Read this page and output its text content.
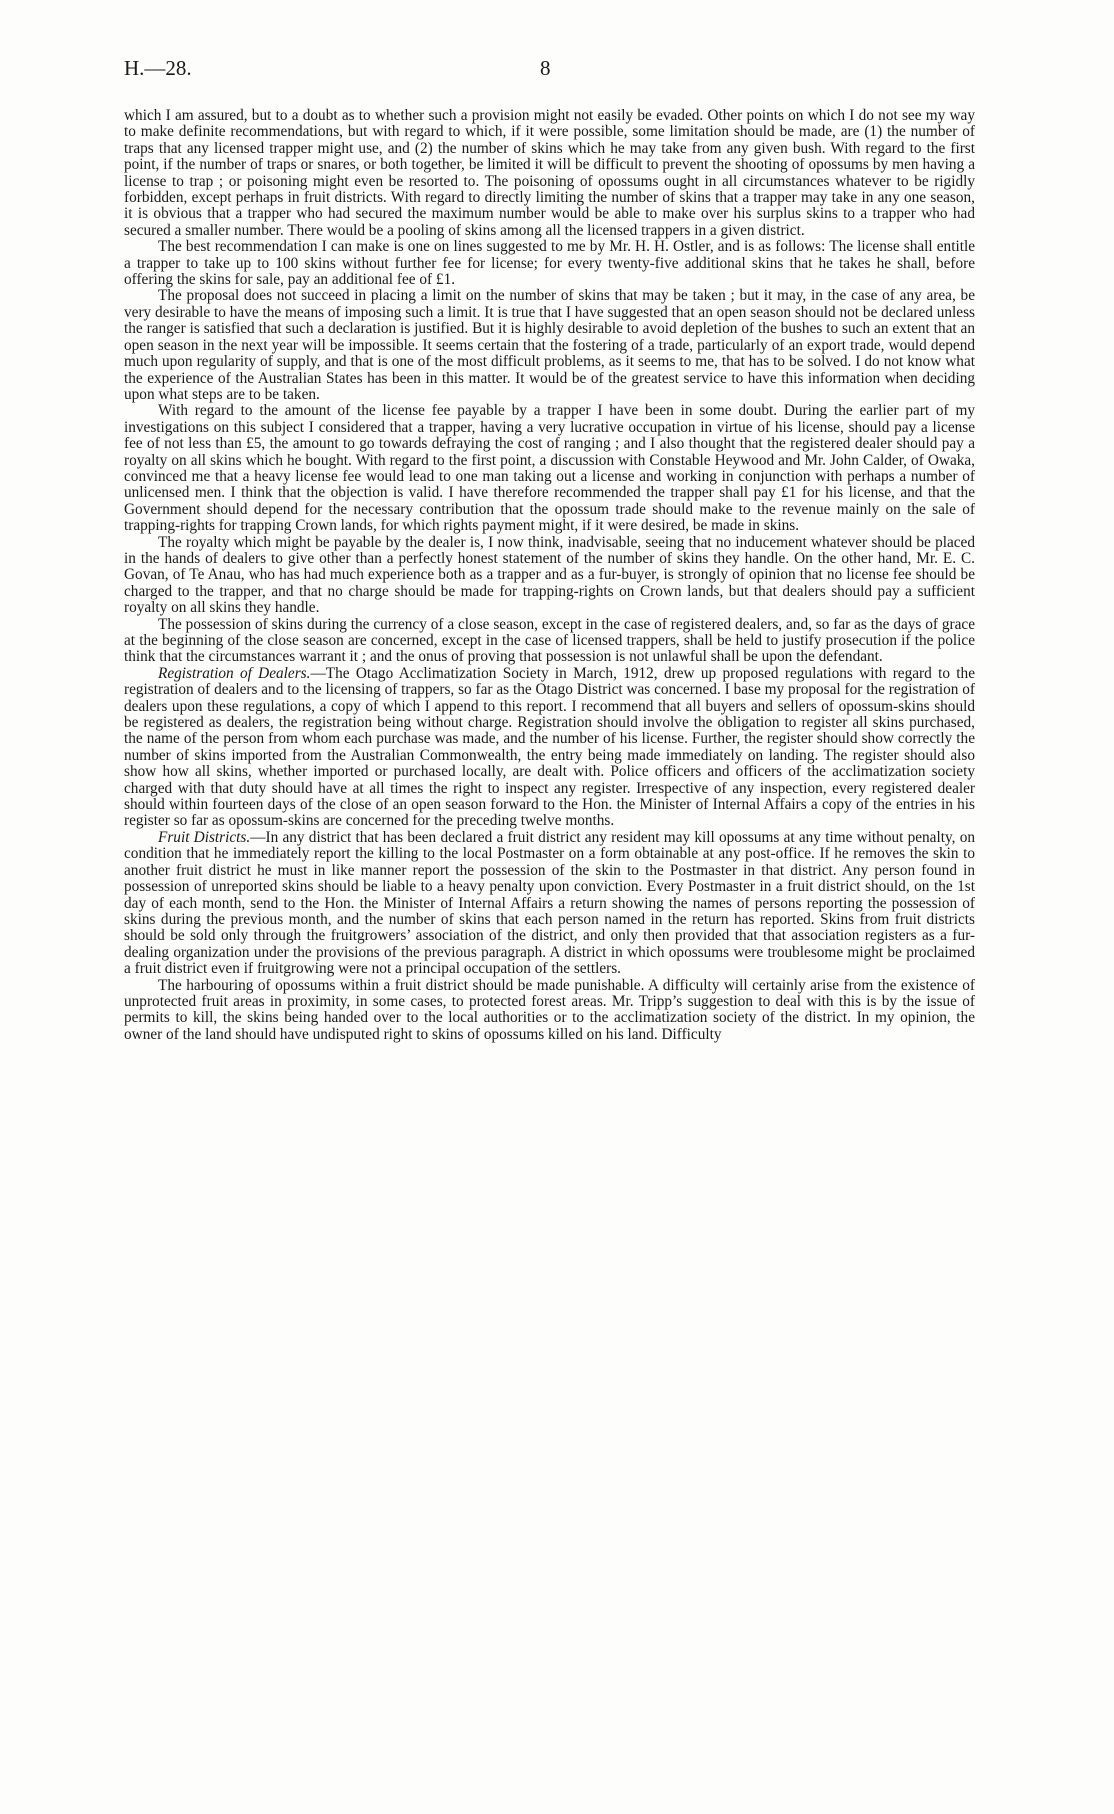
H.—28.	8

which I am assured, but to a doubt as to whether such a provision might not easily be evaded. Other points on which I do not see my way to make definite recommendations, but with regard to which, if it were possible, some limitation should be made, are (1) the number of traps that any licensed trapper might use, and (2) the number of skins which he may take from any given bush. With regard to the first point, if the number of traps or snares, or both together, be limited it will be difficult to prevent the shooting of opossums by men having a license to trap ; or poisoning might even be resorted to. The poisoning of opossums ought in all circumstances whatever to be rigidly forbidden, except perhaps in fruit districts. With regard to directly limiting the number of skins that a trapper may take in any one season, it is obvious that a trapper who had secured the maximum number would be able to make over his surplus skins to a trapper who had secured a smaller number. There would be a pooling of skins among all the licensed trappers in a given district.

The best recommendation I can make is one on lines suggested to me by Mr. H. H. Ostler, and is as follows: The license shall entitle a trapper to take up to 100 skins without further fee for license; for every twenty-five additional skins that he takes he shall, before offering the skins for sale, pay an additional fee of £1.

The proposal does not succeed in placing a limit on the number of skins that may be taken ; but it may, in the case of any area, be very desirable to have the means of imposing such a limit. It is true that I have suggested that an open season should not be declared unless the ranger is satisfied that such a declaration is justified. But it is highly desirable to avoid depletion of the bushes to such an extent that an open season in the next year will be impossible. It seems certain that the fostering of a trade, particularly of an export trade, would depend much upon regularity of supply, and that is one of the most difficult problems, as it seems to me, that has to be solved. I do not know what the experience of the Australian States has been in this matter. It would be of the greatest service to have this information when deciding upon what steps are to be taken.

With regard to the amount of the license fee payable by a trapper I have been in some doubt. During the earlier part of my investigations on this subject I considered that a trapper, having a very lucrative occupation in virtue of his license, should pay a license fee of not less than £5, the amount to go towards defraying the cost of ranging ; and I also thought that the registered dealer should pay a royalty on all skins which he bought. With regard to the first point, a discussion with Constable Heywood and Mr. John Calder, of Owaka, convinced me that a heavy license fee would lead to one man taking out a license and working in conjunction with perhaps a number of unlicensed men. I think that the objection is valid. I have therefore recommended the trapper shall pay £1 for his license, and that the Government should depend for the necessary contribution that the opossum trade should make to the revenue mainly on the sale of trapping-rights for trapping Crown lands, for which rights payment might, if it were desired, be made in skins.

The royalty which might be payable by the dealer is, I now think, inadvisable, seeing that no inducement whatever should be placed in the hands of dealers to give other than a perfectly honest statement of the number of skins they handle. On the other hand, Mr. E. C. Govan, of Te Anau, who has had much experience both as a trapper and as a fur-buyer, is strongly of opinion that no license fee should be charged to the trapper, and that no charge should be made for trapping-rights on Crown lands, but that dealers should pay a sufficient royalty on all skins they handle.

The possession of skins during the currency of a close season, except in the case of registered dealers, and, so far as the days of grace at the beginning of the close season are concerned, except in the case of licensed trappers, shall be held to justify prosecution if the police think that the circumstances warrant it ; and the onus of proving that possession is not unlawful shall be upon the defendant.

Registration of Dealers.—The Otago Acclimatization Society in March, 1912, drew up proposed regulations with regard to the registration of dealers and to the licensing of trappers, so far as the Otago District was concerned. I base my proposal for the registration of dealers upon these regulations, a copy of which I append to this report. I recommend that all buyers and sellers of opossum-skins should be registered as dealers, the registration being without charge. Registration should involve the obligation to register all skins purchased, the name of the person from whom each purchase was made, and the number of his license. Further, the register should show correctly the number of skins imported from the Australian Commonwealth, the entry being made immediately on landing. The register should also show how all skins, whether imported or purchased locally, are dealt with. Police officers and officers of the acclimatization society charged with that duty should have at all times the right to inspect any register. Irrespective of any inspection, every registered dealer should within fourteen days of the close of an open season forward to the Hon. the Minister of Internal Affairs a copy of the entries in his register so far as opossum-skins are concerned for the preceding twelve months.

Fruit Districts.—In any district that has been declared a fruit district any resident may kill opossums at any time without penalty, on condition that he immediately report the killing to the local Postmaster on a form obtainable at any post-office. If he removes the skin to another fruit district he must in like manner report the possession of the skin to the Postmaster in that district. Any person found in possession of unreported skins should be liable to a heavy penalty upon conviction. Every Postmaster in a fruit district should, on the 1st day of each month, send to the Hon. the Minister of Internal Affairs a return showing the names of persons reporting the possession of skins during the previous month, and the number of skins that each person named in the return has reported. Skins from fruit districts should be sold only through the fruitgrowers’ association of the district, and only then provided that that association registers as a fur-dealing organization under the provisions of the previous paragraph. A district in which opossums were troublesome might be proclaimed a fruit district even if fruitgrowing were not a principal occupation of the settlers.

The harbouring of opossums within a fruit district should be made punishable. A difficulty will certainly arise from the existence of unprotected fruit areas in proximity, in some cases, to protected forest areas. Mr. Tripp’s suggestion to deal with this is by the issue of permits to kill, the skins being handed over to the local authorities or to the acclimatization society of the district. In my opinion, the owner of the land should have undisputed right to skins of opossums killed on his land. Difficulty
